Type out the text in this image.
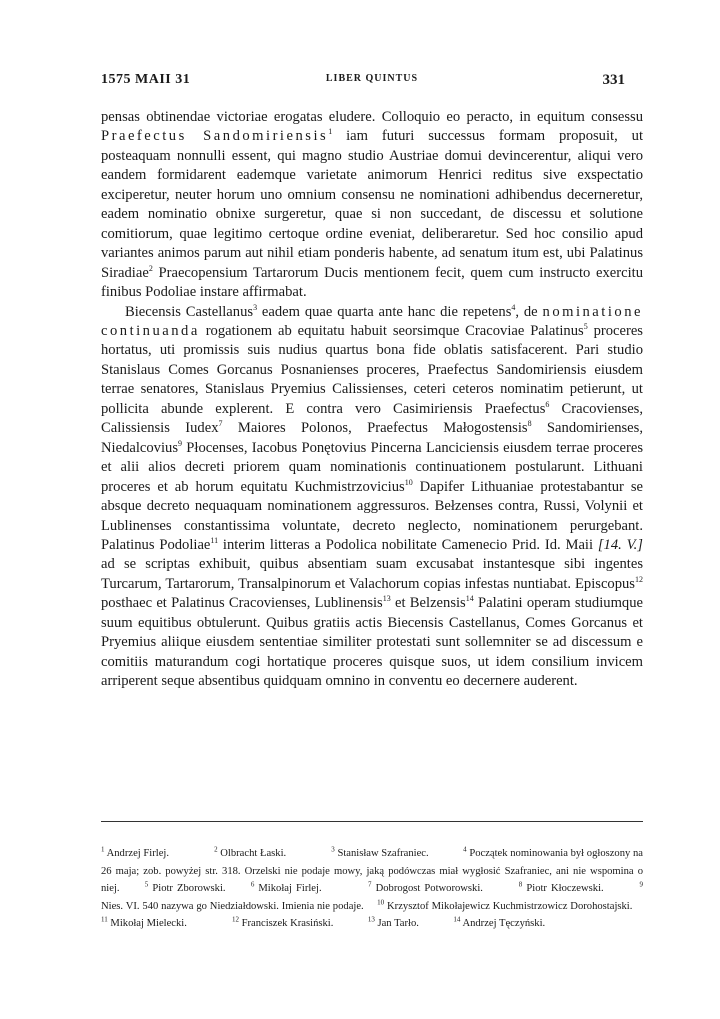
1575 MAII 31	LIBER QUINTUS	331

pensas obtinendae victoriae erogatas eludere. Colloquio eo peracto, in equitum consessu Praefectus Sandomiriensis$^1$ iam futuri successus formam proposuit, ut posteaquam nonnulli essent, qui magno studio Austriae domui devincerentur, aliqui vero eandem formidarent eademque varietate animorum Henrici reditus sive exspectatio exciperetur, neuter horum uno omnium consensu ne nominationi adhibendus decerneretur, eadem nominatio obnixe surgeretur, quae si non succedant, de discessu et solutione comitiorum, quae legitimo certoque ordine eveniat, deliberaretur. Sed hoc consilio apud variantes animos parum aut nihil etiam ponderis habente, ad senatum itum est, ubi Palatinus Siradiae$^2$ Praecopensium Tartarorum Ducis mentionem fecit, quem cum instructo exercitu finibus Podoliae instare affirmabat.

Biecensis Castellanus$^3$ eadem quae quarta ante hanc die repetens$^4$, de nominatione continuanda rogationem ab equitatu habuit seorsimque Cracoviae Palatinus$^5$ proceres hortatus, uti promissis suis nudius quartus bona fide oblatis satisfacerent. Pari studio Stanislaus Comes Gorcanus Posnanienses proceres, Praefectus Sandomiriensis eiusdem terrae senatores, Stanislaus Pryemius Calissienses, ceteri ceteros nominatim petierunt, ut pollicita abunde explerent. E contra vero Casimiriensis Praefectus$^6$ Cracovienses, Calissiensis Iudex$^7$ Maiores Polonos, Praefectus Małogostensis$^8$ Sandomirienses, Niedalcovius$^9$ Płocenses, Iacobus Ponętovius Pincerna Lanciciensis eiusdem terrae proceres et alii alios decreti priorem quam nominationis continuationem postularunt. Lithuani proceres et ab horum equitatu Kuchmistrzovicius$^{10}$ Dapifer Lithuaniae protestabantur se absque decreto nequaquam nominationem aggressuros. Bełzenses contra, Russi, Volynii et Lublinenses constantissima voluntate, decreto neglecto, nominationem perurgebant. Palatinus Podoliae$^{11}$ interim litteras a Podolica nobilitate Camenecio Prid. Id. Maii [14. V.] ad se scriptas exhibuit, quibus absentiam suam excusabat instantesque sibi ingentes Turcarum, Tartarorum, Transalpinorum et Valachorum copias infestas nuntiabat. Episcopus$^{12}$ posthaec et Palatinus Cracovienses, Lublinensis$^{13}$ et Belzensis$^{14}$ Palatini operam studiumque suum equitibus obtulerunt. Quibus gratiis actis Biecensis Castellanus, Comes Gorcanus et Pryemius aliique eiusdem sententiae similiter protestati sunt sollemniter se ad discessum e comitiis maturandum cogi hortatique proceres quisque suos, ut idem consilium invicem arriperent seque absentibus quidquam omnino in conventu eo decernere auderent.

$^1$ Andrzej Firlej.    	$^2$ Olbracht Łaski.    	$^3$ Stanisław Szafraniec.   	$^4$ Początek nominowania był ogłoszony na 26 maja; zob. powyżej str. 318. Orzelski nie podaje mowy, jaką podówczas miał wygłosić Szafraniec, ani nie wspomina o niej.  	$^5$ Piotr Zborowski.  	$^6$ Mikołaj Firlej.    	$^7$ Dobrogost Potworowski.   	$^8$ Piotr Kłoczewski.   	$^9$ Nies. VI. 540 nazywa go Niedziałdowski. Imienia nie podaje.  $^{10}$ Krzysztof Mikołajewicz Kuchmistrzowicz Dorohostajski.  $^{11}$ Mikołaj Mielecki.    	$^{12}$ Franciszek Krasiński.   	$^{13}$ Jan Tarło.   	$^{14}$ Andrzej Tęczyński.
